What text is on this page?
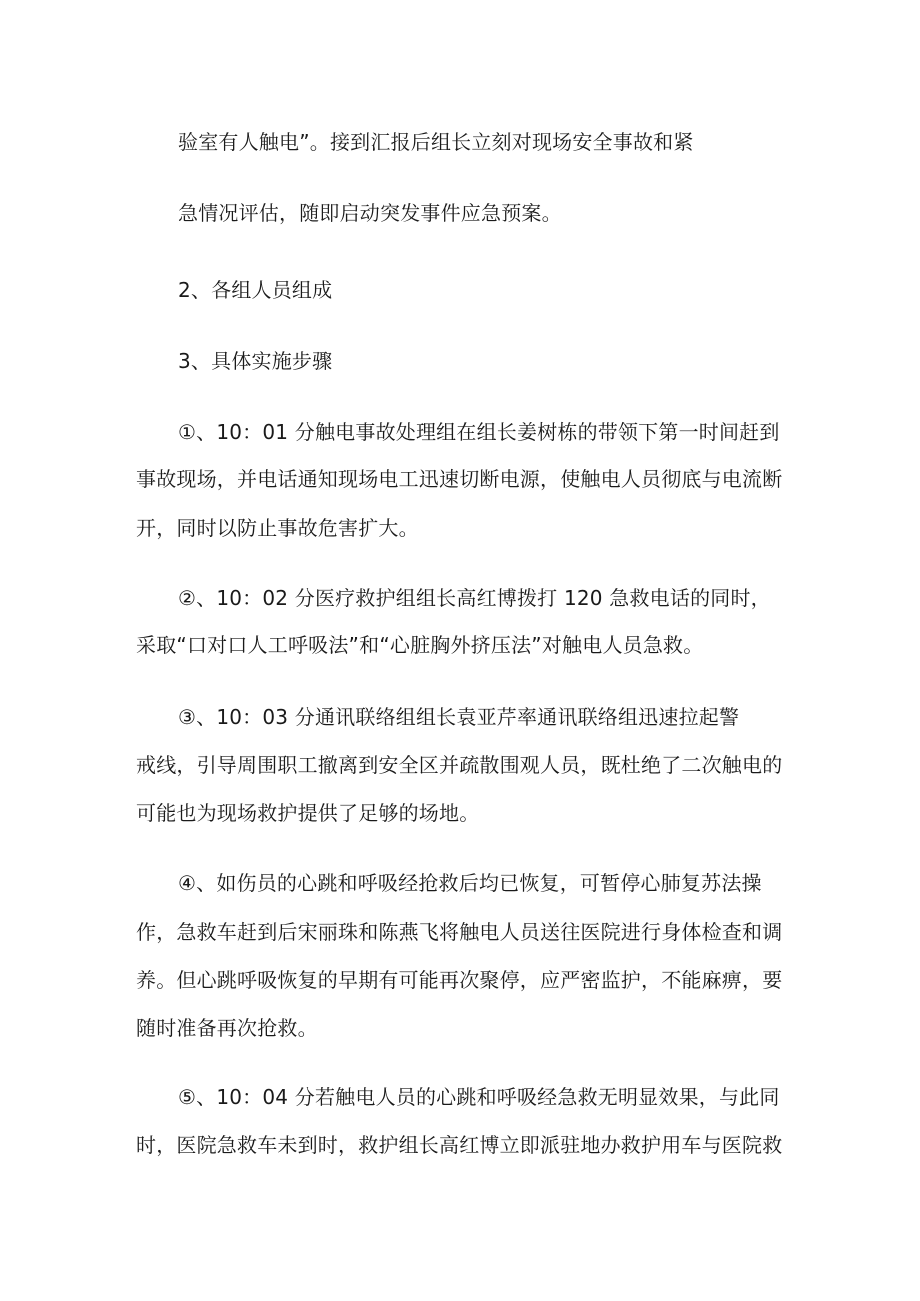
验室有人触电”。接到汇报后组长立刻对现场安全事故和紧
急情况评估，随即启动突发事件应急预案。
2、各组人员组成
3、具体实施步骤
①、10：01 分触电事故处理组在组长姜树栋的带领下第一时间赶到
事故现场，并电话通知现场电工迅速切断电源，使触电人员彻底与电流断
开，同时以防止事故危害扩大。
②、10：02 分医疗救护组组长高红博拨打 120 急救电话的同时，
采取“口对口人工呼吸法”和“心脏胸外挤压法”对触电人员急救。
③、10：03 分通讯联络组组长袁亚芹率通讯联络组迅速拉起警
戒线，引导周围职工撤离到安全区并疏散围观人员，既杜绝了二次触电的
可能也为现场救护提供了足够的场地。
④、如伤员的心跳和呼吸经抢救后均已恢复，可暂停心肺复苏法操
作，急救车赶到后宋丽珠和陈燕飞将触电人员送往医院进行身体检查和调
养。但心跳呼吸恢复的早期有可能再次聚停，应严密监护，不能麻痹，要
随时准备再次抢救。
⑤、10：04 分若触电人员的心跳和呼吸经急救无明显效果，与此同
时，医院急救车未到时，救护组长高红博立即派驻地办救护用车与医院救
